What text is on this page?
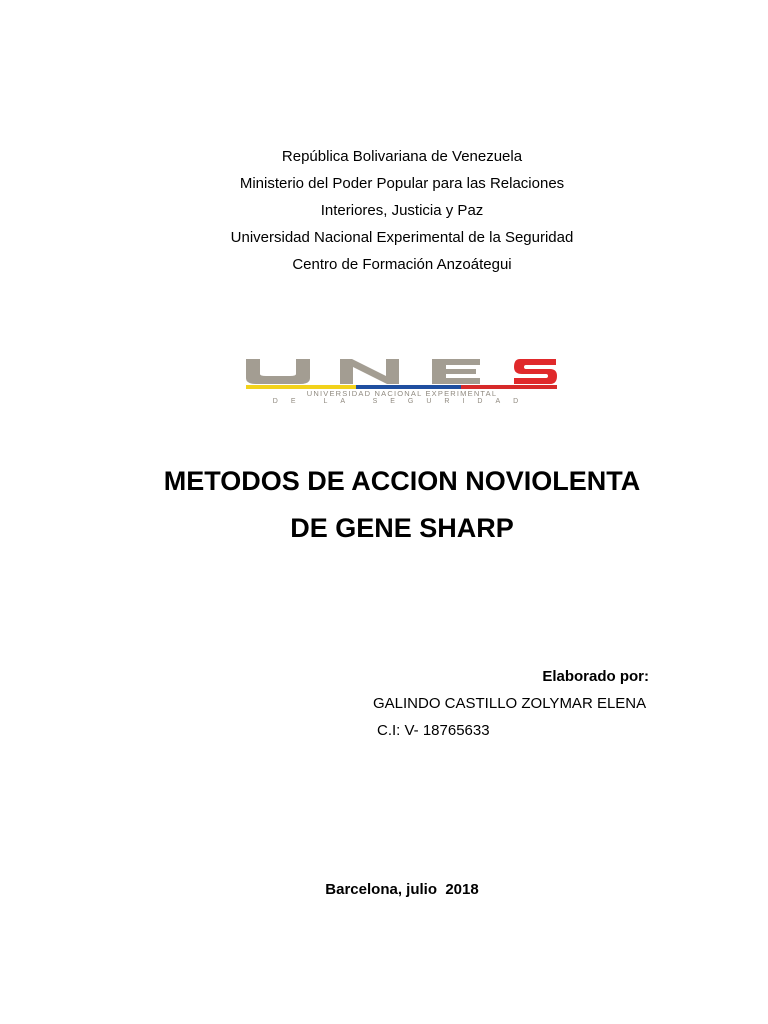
República Bolivariana de Venezuela
Ministerio del Poder Popular para las Relaciones
Interiores, Justicia y Paz
Universidad Nacional Experimental de la Seguridad
Centro de Formación Anzoátegui
UNIVERSIDAD NACIONAL EXPERIMENTAL
DE LA SEGURIDAD
METODOS DE ACCION NOVIOLENTA
DE GENE SHARP
Elaborado por:
GALINDO CASTILLO ZOLYMAR ELENA
C.I: V- 18765633
Barcelona, julio  2018
